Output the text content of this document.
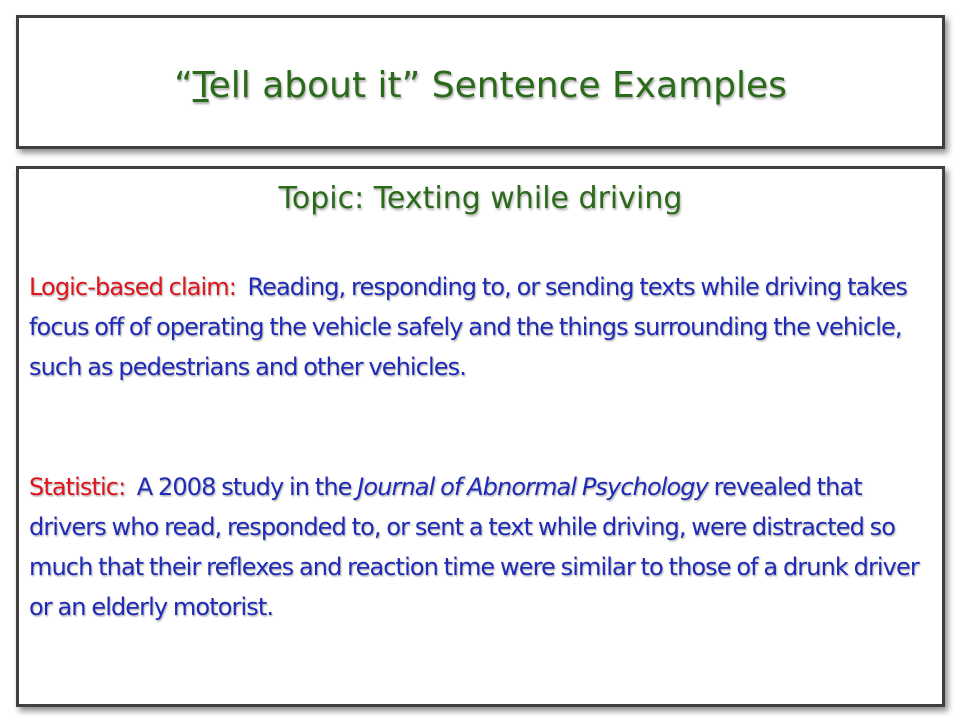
“Tell about it” Sentence Examples
Topic: Texting while driving
Logic-based claim: Reading, responding to, or sending texts while driving takes focus off of operating the vehicle safely and the things surrounding the vehicle, such as pedestrians and other vehicles.
Statistic: A 2008 study in the Journal of Abnormal Psychology revealed that drivers who read, responded to, or sent a text while driving, were distracted so much that their reflexes and reaction time were similar to those of a drunk driver or an elderly motorist.
